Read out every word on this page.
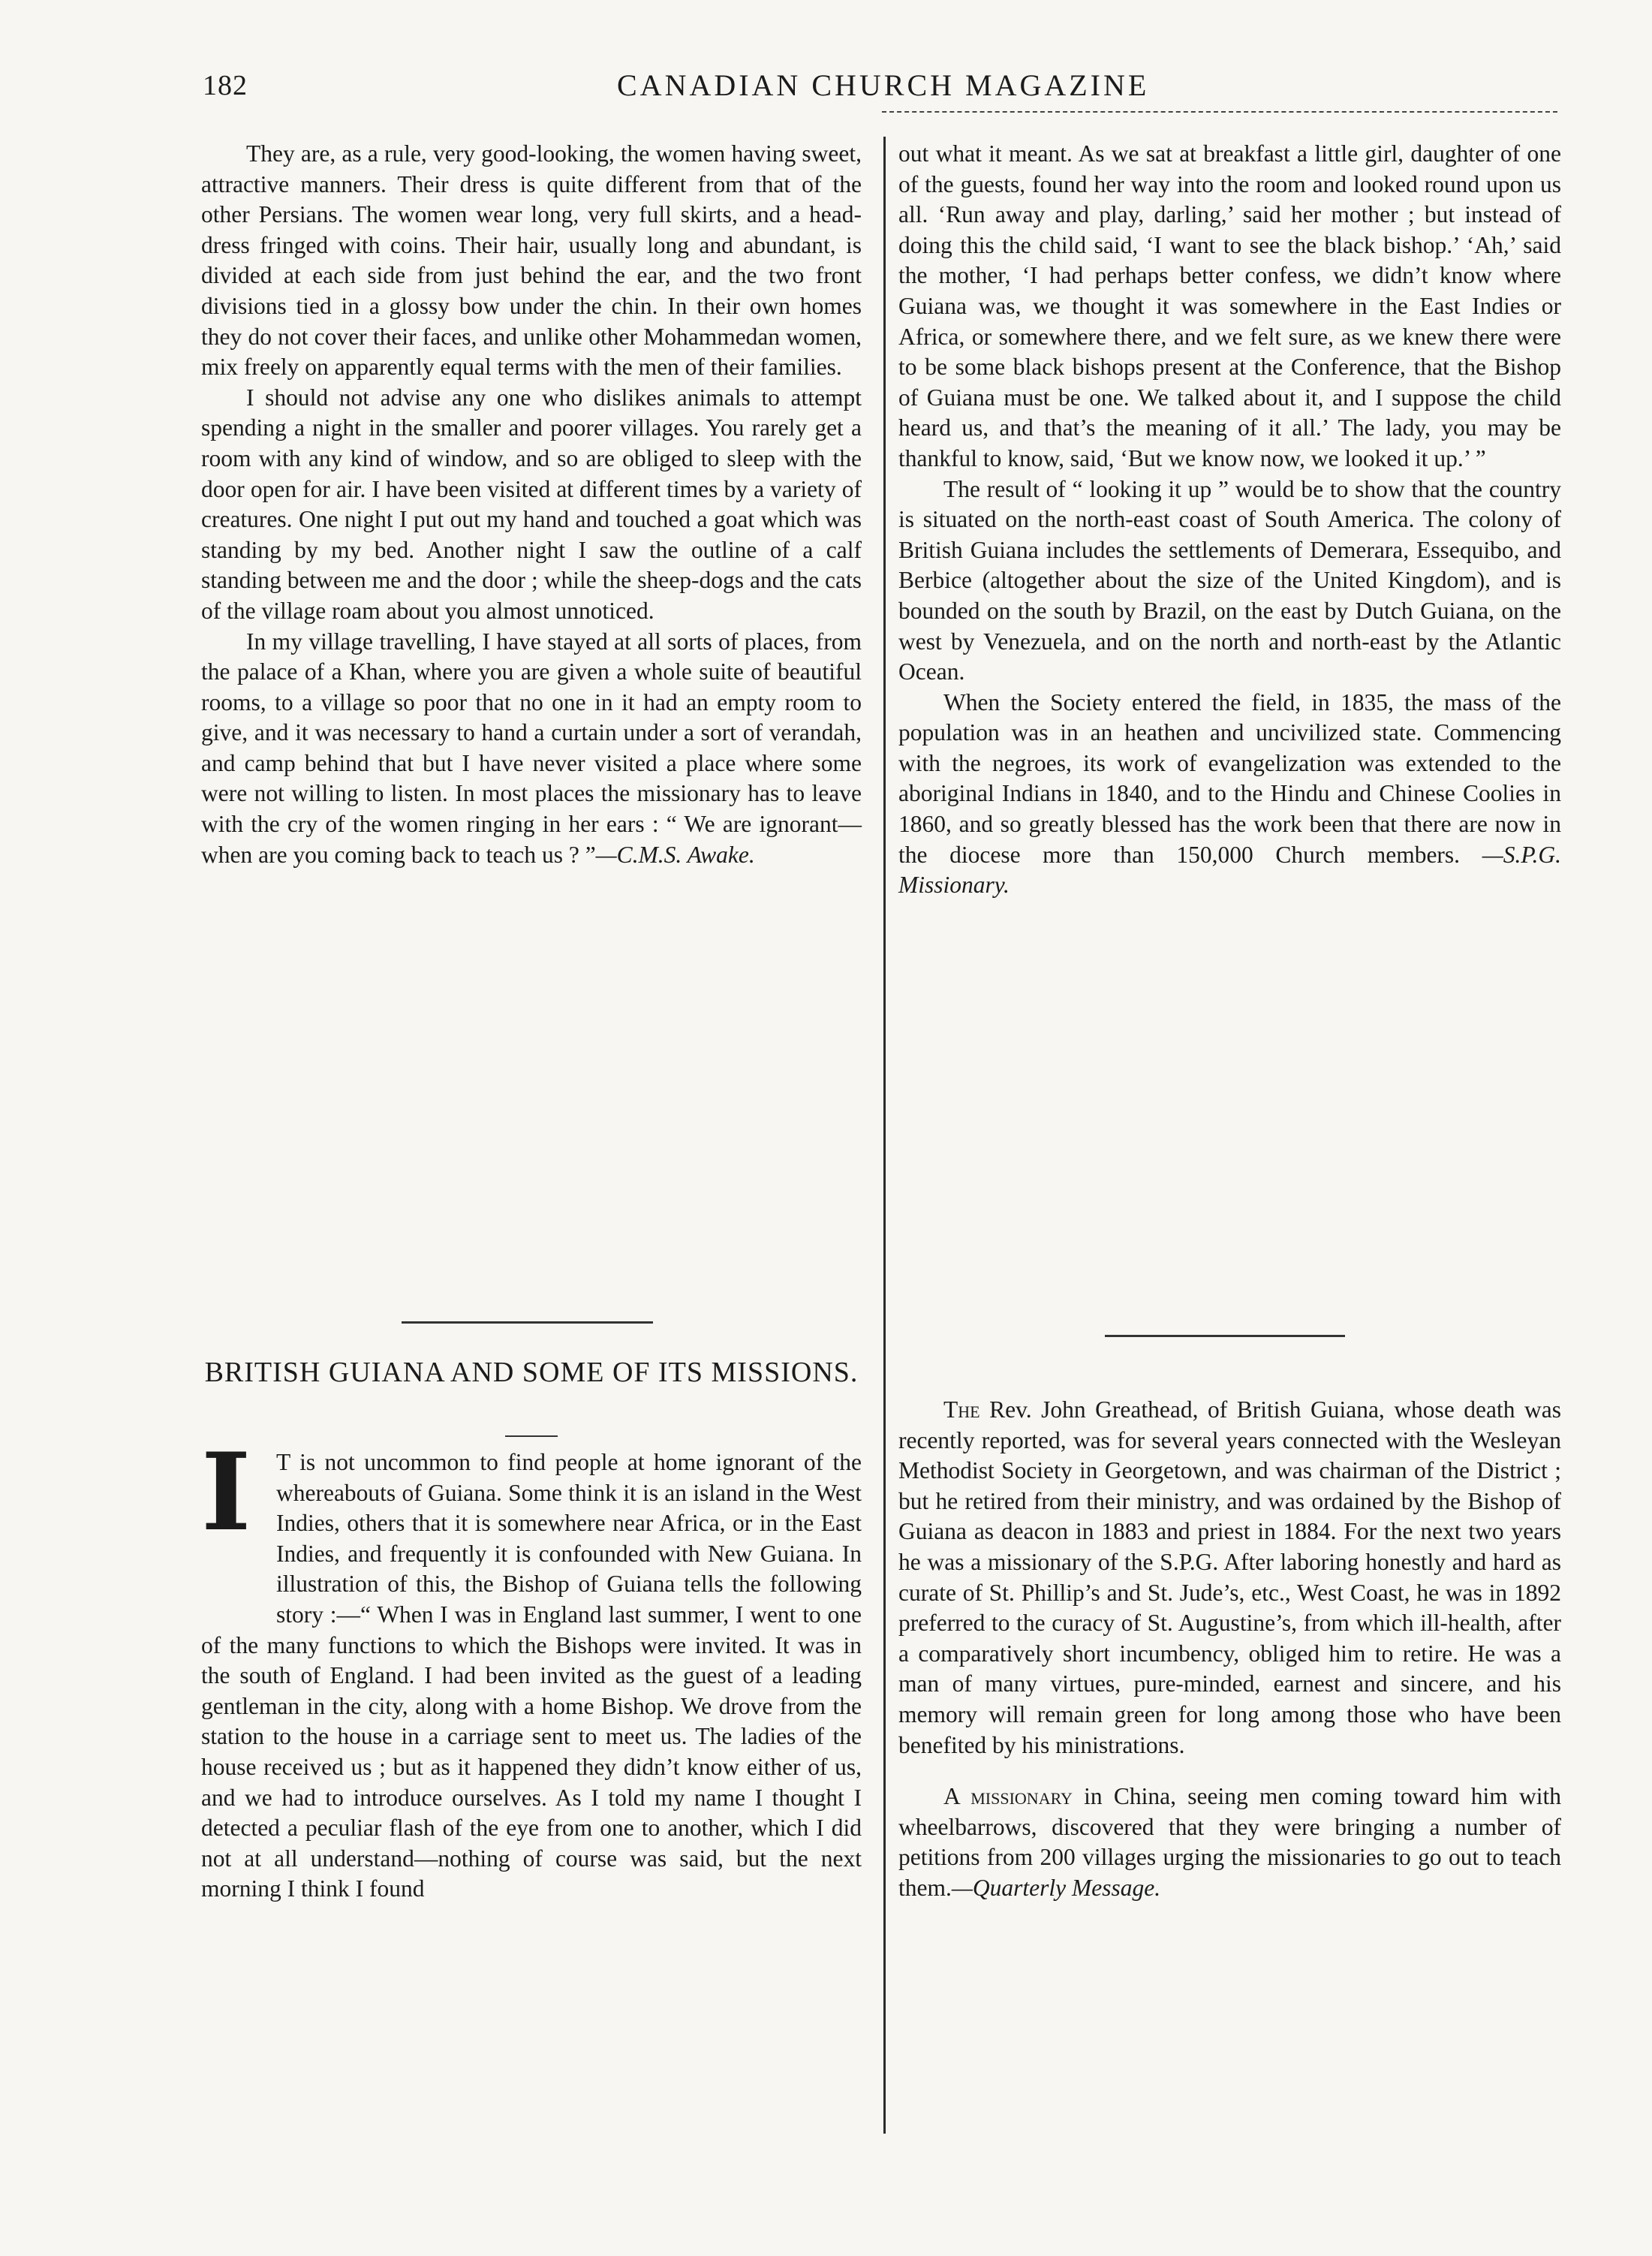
182	CANADIAN CHURCH MAGAZINE

They are, as a rule, very good-looking, the women having sweet, attractive manners. Their dress is quite different from that of the other Persians. The women wear long, very full skirts, and a head-dress fringed with coins. Their hair, usually long and abundant, is divided at each side from just behind the ear, and the two front divisions tied in a glossy bow under the chin. In their own homes they do not cover their faces, and unlike other Mohammedan women, mix freely on apparently equal terms with the men of their families.

I should not advise any one who dislikes animals to attempt spending a night in the smaller and poorer villages. You rarely get a room with any kind of window, and so are obliged to sleep with the door open for air. I have been visited at different times by a variety of creatures. One night I put out my hand and touched a goat which was standing by my bed. Another night I saw the outline of a calf standing between me and the door ; while the sheep-dogs and the cats of the village roam about you almost unnoticed.

In my village travelling, I have stayed at all sorts of places, from the palace of a Khan, where you are given a whole suite of beautiful rooms, to a village so poor that no one in it had an empty room to give, and it was necessary to hand a curtain under a sort of verandah, and camp behind that but I have never visited a place where some were not willing to listen. In most places the missionary has to leave with the cry of the women ringing in her ears : “ We are ignorant—when are you coming back to teach us ? ”—C.M.S. Awake.

out what it meant. As we sat at breakfast a little girl, daughter of one of the guests, found her way into the room and looked round upon us all. ‘Run away and play, darling,’ said her mother ; but instead of doing this the child said, ‘I want to see the black bishop.’ ‘Ah,’ said the mother, ‘I had perhaps better confess, we didn’t know where Guiana was, we thought it was somewhere in the East Indies or Africa, or somewhere there, and we felt sure, as we knew there were to be some black bishops present at the Conference, that the Bishop of Guiana must be one. We talked about it, and I suppose the child heard us, and that’s the meaning of it all.’ The lady, you may be thankful to know, said, ‘But we know now, we looked it up.’ ”

The result of “ looking it up ” would be to show that the country is situated on the north-east coast of South America. The colony of British Guiana includes the settlements of Demerara, Essequibo, and Berbice (altogether about the size of the United Kingdom), and is bounded on the south by Brazil, on the east by Dutch Guiana, on the west by Venezuela, and on the north and north-east by the Atlantic Ocean.

When the Society entered the field, in 1835, the mass of the population was in an heathen and uncivilized state. Commencing with the negroes, its work of evangelization was extended to the aboriginal Indians in 1840, and to the Hindu and Chinese Coolies in 1860, and so greatly blessed has the work been that there are now in the diocese more than 150,000 Church members. —S.P.G. Missionary.

BRITISH GUIANA AND SOME OF ITS MISSIONS.

I	T is not uncommon to find people at home ignorant of the whereabouts of Guiana. Some think it is an island in the West Indies, others that it is somewhere near Africa, or in the East Indies, and frequently it is confounded with New Guiana. In illustration of this, the Bishop of Guiana tells the following story :—“ When I was in England last summer, I went to one of the many functions to which the Bishops were invited. It was in the south of England. I had been invited as the guest of a leading gentleman in the city, along with a home Bishop. We drove from the station to the house in a carriage sent to meet us. The ladies of the house received us ; but as it happened they didn’t know either of us, and we had to introduce ourselves. As I told my name I thought I detected a peculiar flash of the eye from one to another, which I did not at all understand—nothing of course was said, but the next morning I think I found

The Rev. John Greathead, of British Guiana, whose death was recently reported, was for several years connected with the Wesleyan Methodist Society in Georgetown, and was chairman of the District ; but he retired from their ministry, and was ordained by the Bishop of Guiana as deacon in 1883 and priest in 1884. For the next two years he was a missionary of the S.P.G. After laboring honestly and hard as curate of St. Phillip’s and St. Jude’s, etc., West Coast, he was in 1892 preferred to the curacy of St. Augustine’s, from which ill-health, after a comparatively short incumbency, obliged him to retire. He was a man of many virtues, pure-minded, earnest and sincere, and his memory will remain green for long among those who have been benefited by his ministrations.

A missionary in China, seeing men coming toward him with wheelbarrows, discovered that they were bringing a number of petitions from 200 villages urging the missionaries to go out to teach them.—Quarterly Message.
